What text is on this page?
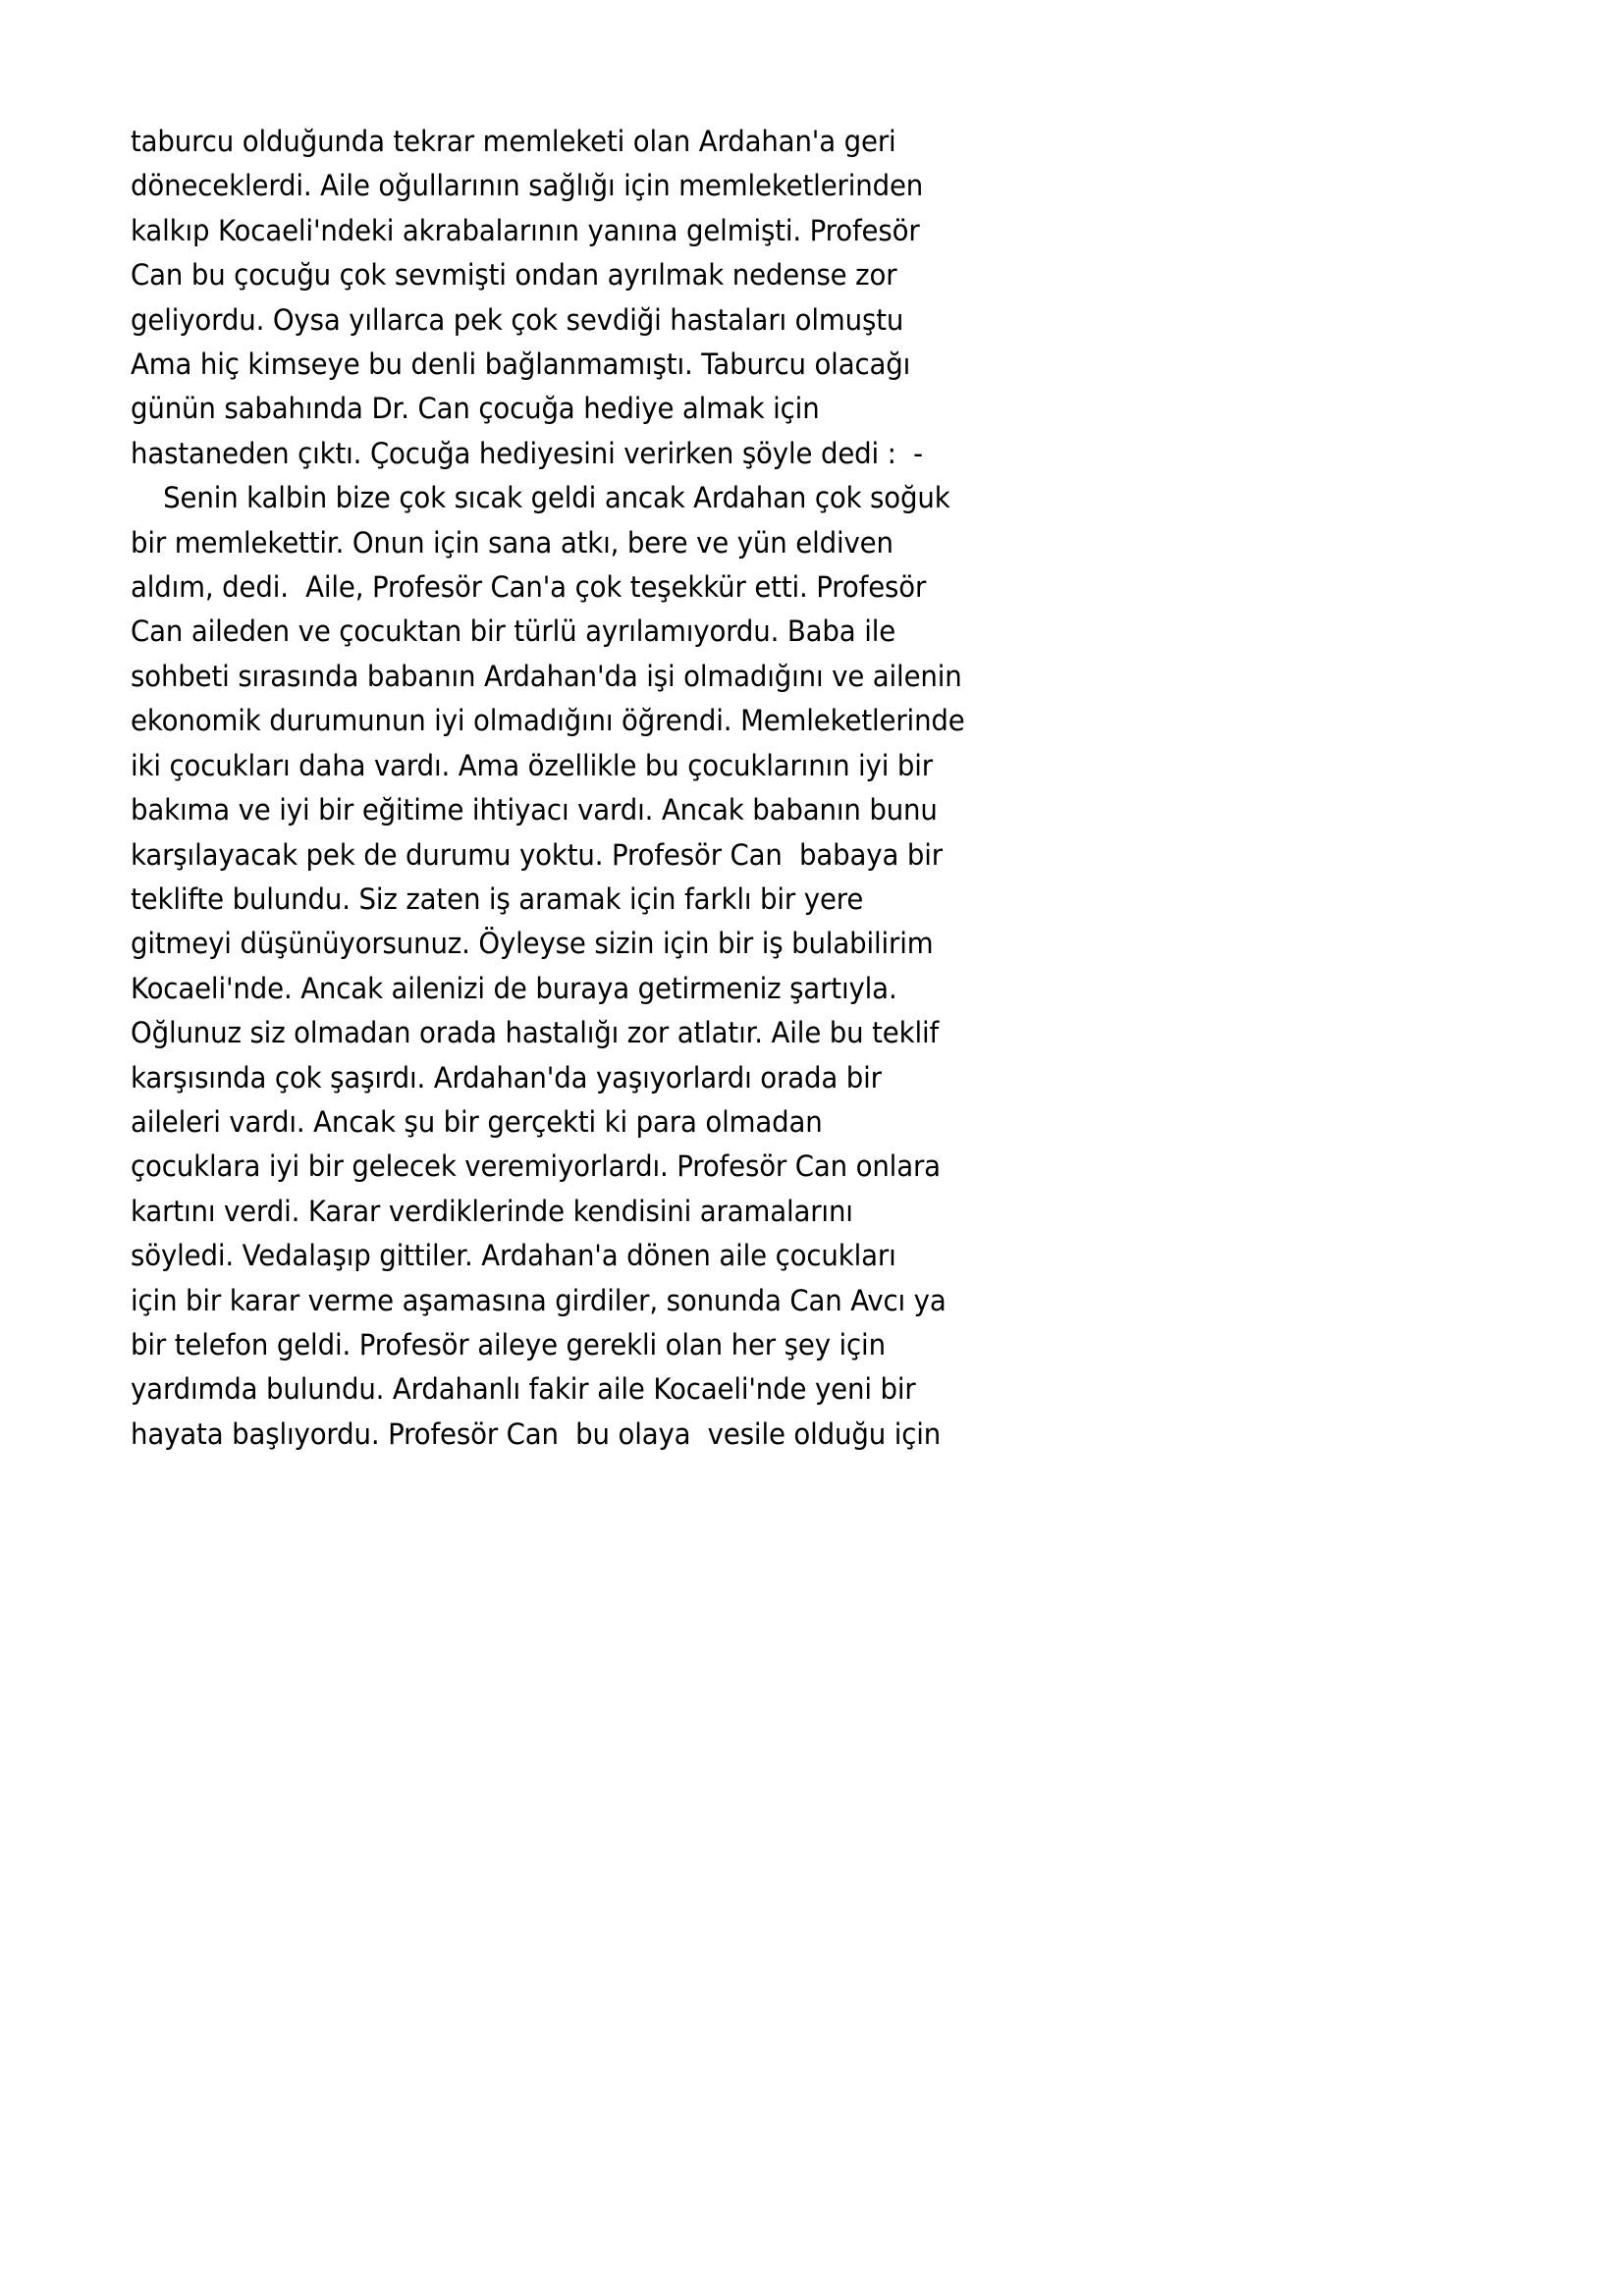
taburcu olduğunda tekrar memleketi olan Ardahan'a geri
döneceklerdi. Aile oğullarının sağlığı için memleketlerinden
kalkıp Kocaeli'ndeki akrabalarının yanına gelmişti. Profesör
Can bu çocuğu çok sevmişti ondan ayrılmak nedense zor
geliyordu. Oysa yıllarca pek çok sevdiği hastaları olmuştu
Ama hiç kimseye bu denli bağlanmamıştı. Taburcu olacağı
günün sabahında Dr. Can çocuğa hediye almak için
hastaneden çıktı. Çocuğa hediyesini verirken şöyle dedi :  -
Senin kalbin bize çok sıcak geldi ancak Ardahan çok soğuk
bir memlekettir. Onun için sana atkı, bere ve yün eldiven
aldım, dedi.  Aile, Profesör Can'a çok teşekkür etti. Profesör
Can aileden ve çocuktan bir türlü ayrılamıyordu. Baba ile
sohbeti sırasında babanın Ardahan'da işi olmadığını ve ailenin
ekonomik durumunun iyi olmadığını öğrendi. Memleketlerinde
iki çocukları daha vardı. Ama özellikle bu çocuklarının iyi bir
bakıma ve iyi bir eğitime ihtiyacı vardı. Ancak babanın bunu
karşılayacak pek de durumu yoktu. Profesör Can  babaya bir
teklifte bulundu. Siz zaten iş aramak için farklı bir yere
gitmeyi düşünüyorsunuz. Öyleyse sizin için bir iş bulabilirim
Kocaeli'nde. Ancak ailenizi de buraya getirmeniz şartıyla.
Oğlunuz siz olmadan orada hastalığı zor atlatır. Aile bu teklif
karşısında çok şaşırdı. Ardahan'da yaşıyorlardı orada bir
aileleri vardı. Ancak şu bir gerçekti ki para olmadan
çocuklara iyi bir gelecek veremiyorlardı. Profesör Can onlara
kartını verdi. Karar verdiklerinde kendisini aramalarını
söyledi. Vedalaşıp gittiler. Ardahan'a dönen aile çocukları
için bir karar verme aşamasına girdiler, sonunda Can Avcı ya
bir telefon geldi. Profesör aileye gerekli olan her şey için
yardımda bulundu. Ardahanlı fakir aile Kocaeli'nde yeni bir
hayata başlıyordu. Profesör Can  bu olaya  vesile olduğu için
